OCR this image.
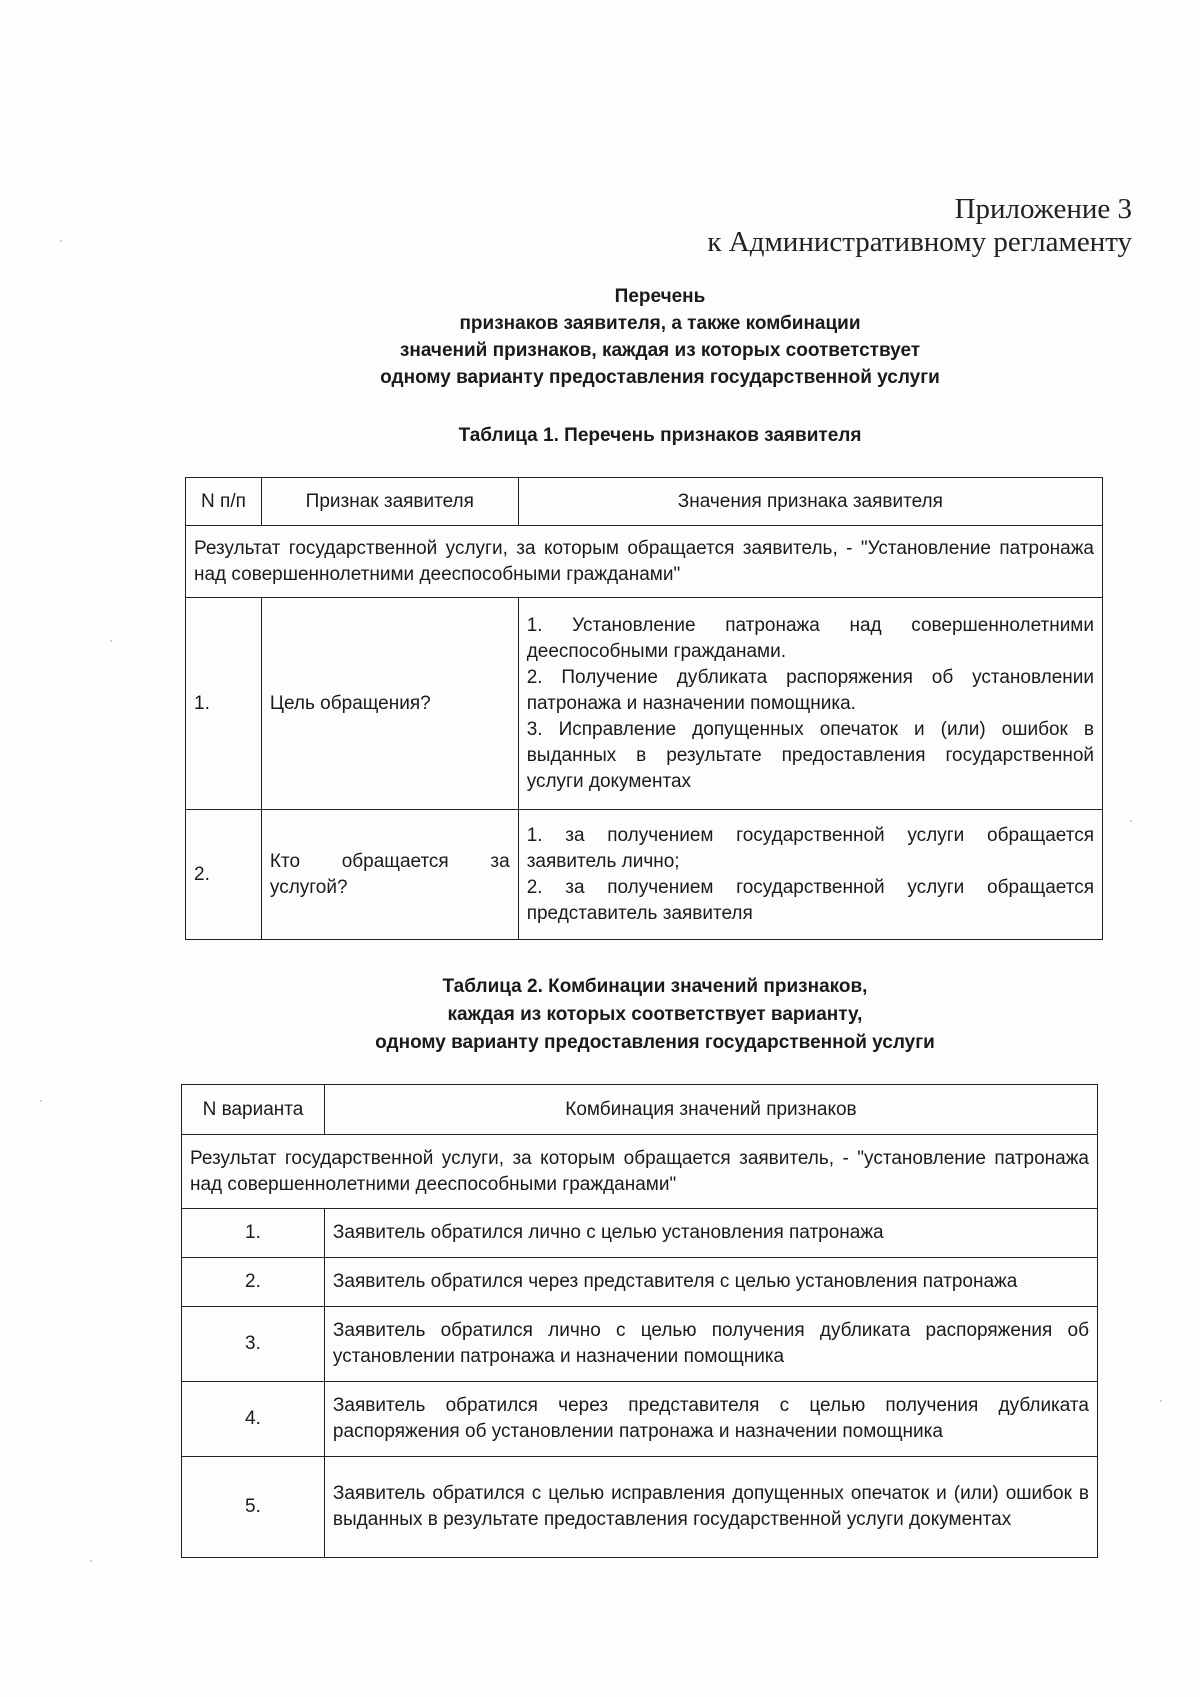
Приложение 3
к Административному регламенту
Перечень
признаков заявителя, а также комбинации
значений признаков, каждая из которых соответствует
одному варианту предоставления государственной услуги
Таблица 1. Перечень признаков заявителя
N п/п	Признак заявителя	Значения признака заявителя
Результат государственной услуги, за которым обращается заявитель, - "Установление патронажа над совершеннолетними дееспособными гражданами"		
1.	Цель обращения?	1. Установление патронажа над совершеннолетними дееспособными гражданами.
2. Получение дубликата распоряжения об установлении патронажа и назначении помощника.
3. Исправление допущенных опечаток и (или) ошибок в выданных в результате предоставления государственной услуги документах

2.	Кто обращается за услугой?	1. за получением государственной услуги обращается заявитель лично;
2. за получением государственной услуги обращается представитель заявителя
Таблица 2. Комбинации значений признаков,
каждая из которых соответствует варианту,
одному варианту предоставления государственной услуги
N варианта	Комбинация значений признаков
Результат государственной услуги, за которым обращается заявитель, - "установление патронажа над совершеннолетними дееспособными гражданами"	
1.	Заявитель обратился лично с целью установления патронажа
2.	Заявитель обратился через представителя с целью установления патронажа
3.	Заявитель обратился лично с целью получения дубликата распоряжения об установлении патронажа и назначении помощника
4.	Заявитель обратился через представителя с целью получения дубликата распоряжения об установлении патронажа и назначении помощника
5.	Заявитель обратился с целью исправления допущенных опечаток и (или) ошибок в выданных в результате предоставления государственной услуги документах
